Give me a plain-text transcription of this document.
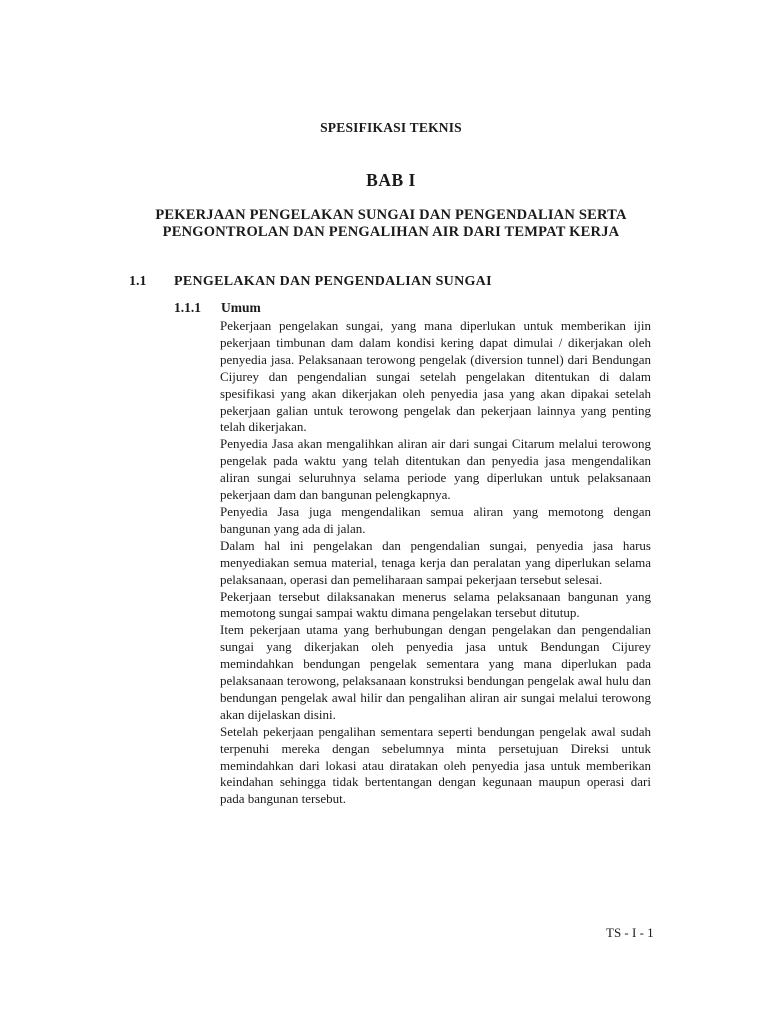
SPESIFIKASI TEKNIS
BAB I
PEKERJAAN PENGELAKAN SUNGAI DAN PENGENDALIAN SERTA
PENGONTROLAN DAN PENGALIHAN AIR DARI TEMPAT KERJA
1.1 PENGELAKAN DAN PENGENDALIAN SUNGAI
1.1.1 Umum

Pekerjaan pengelakan sungai, yang mana diperlukan untuk memberikan ijin pekerjaan timbunan dam dalam kondisi kering dapat dimulai / dikerjakan oleh penyedia jasa. Pelaksanaan terowong pengelak (diversion tunnel) dari Bendungan Cijurey dan pengendalian sungai setelah pengelakan ditentukan di dalam spesifikasi yang akan dikerjakan oleh penyedia jasa yang akan dipakai setelah pekerjaan galian untuk terowong pengelak dan pekerjaan lainnya yang penting telah dikerjakan.

Penyedia Jasa akan mengalihkan aliran air dari sungai Citarum melalui terowong pengelak pada waktu yang telah ditentukan dan penyedia jasa mengendalikan aliran sungai seluruhnya selama periode yang diperlukan untuk pelaksanaan pekerjaan dam dan bangunan pelengkapnya.

Penyedia Jasa juga mengendalikan semua aliran yang memotong dengan bangunan yang ada di jalan.

Dalam hal ini pengelakan dan pengendalian sungai, penyedia jasa harus menyediakan semua material, tenaga kerja dan peralatan yang diperlukan selama pelaksanaan, operasi dan pemeliharaan sampai pekerjaan tersebut selesai.

Pekerjaan tersebut dilaksanakan menerus selama pelaksanaan bangunan yang memotong sungai sampai waktu dimana pengelakan tersebut ditutup.

Item pekerjaan utama yang berhubungan dengan pengelakan dan pengendalian sungai yang dikerjakan oleh penyedia jasa untuk Bendungan Cijurey memindahkan bendungan pengelak sementara yang mana diperlukan pada pelaksanaan terowong, pelaksanaan konstruksi bendungan pengelak awal hulu dan bendungan pengelak awal hilir dan pengalihan aliran air sungai melalui terowong akan dijelaskan disini.

Setelah pekerjaan pengalihan sementara seperti bendungan pengelak awal sudah terpenuhi mereka dengan sebelumnya minta persetujuan Direksi untuk memindahkan dari lokasi atau diratakan oleh penyedia jasa untuk memberikan keindahan sehingga tidak bertentangan dengan kegunaan maupun operasi dari pada bangunan tersebut.

TS - I - 1
